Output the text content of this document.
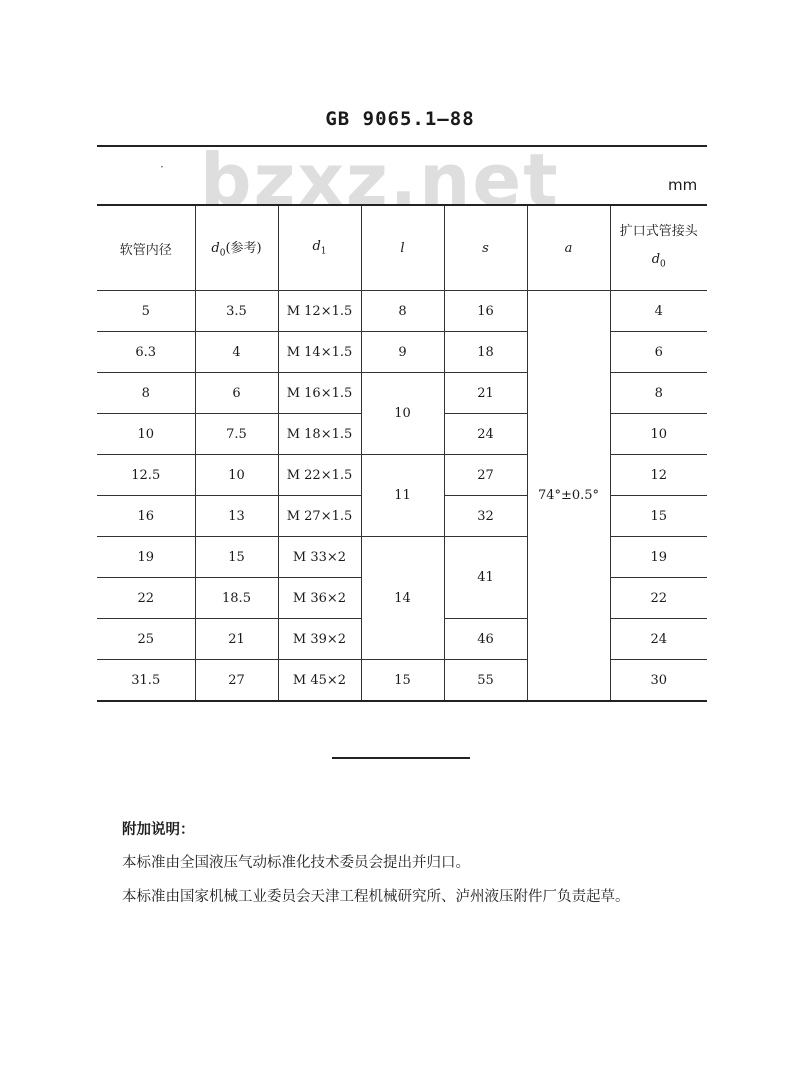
GB 9065.1—88
bzxz.net
·
mm
软管内径	$d_0$(参考)	$d_1$	l	s	a	扩口式管接头
$d_0$

5	3.5	M 12×1.5	8	16	74°±0.5°	4
6.3	4	M 14×1.5	9	18		6
8	6	M 16×1.5	10	21		8
10	7.5	M 18×1.5		24		10
12.5	10	M 22×1.5	11	27		12
16	13	M 27×1.5		32		15
19	15	M 33×2	14	41		19
22	18.5	M 36×2				22
25	21	M 39×2		46		24
31.5	27	M 45×2	15	55		30
附加说明：
本标准由全国液压气动标准化技术委员会提出并归口。
本标准由国家机械工业委员会天津工程机械研究所、泸州液压附件厂负责起草。
